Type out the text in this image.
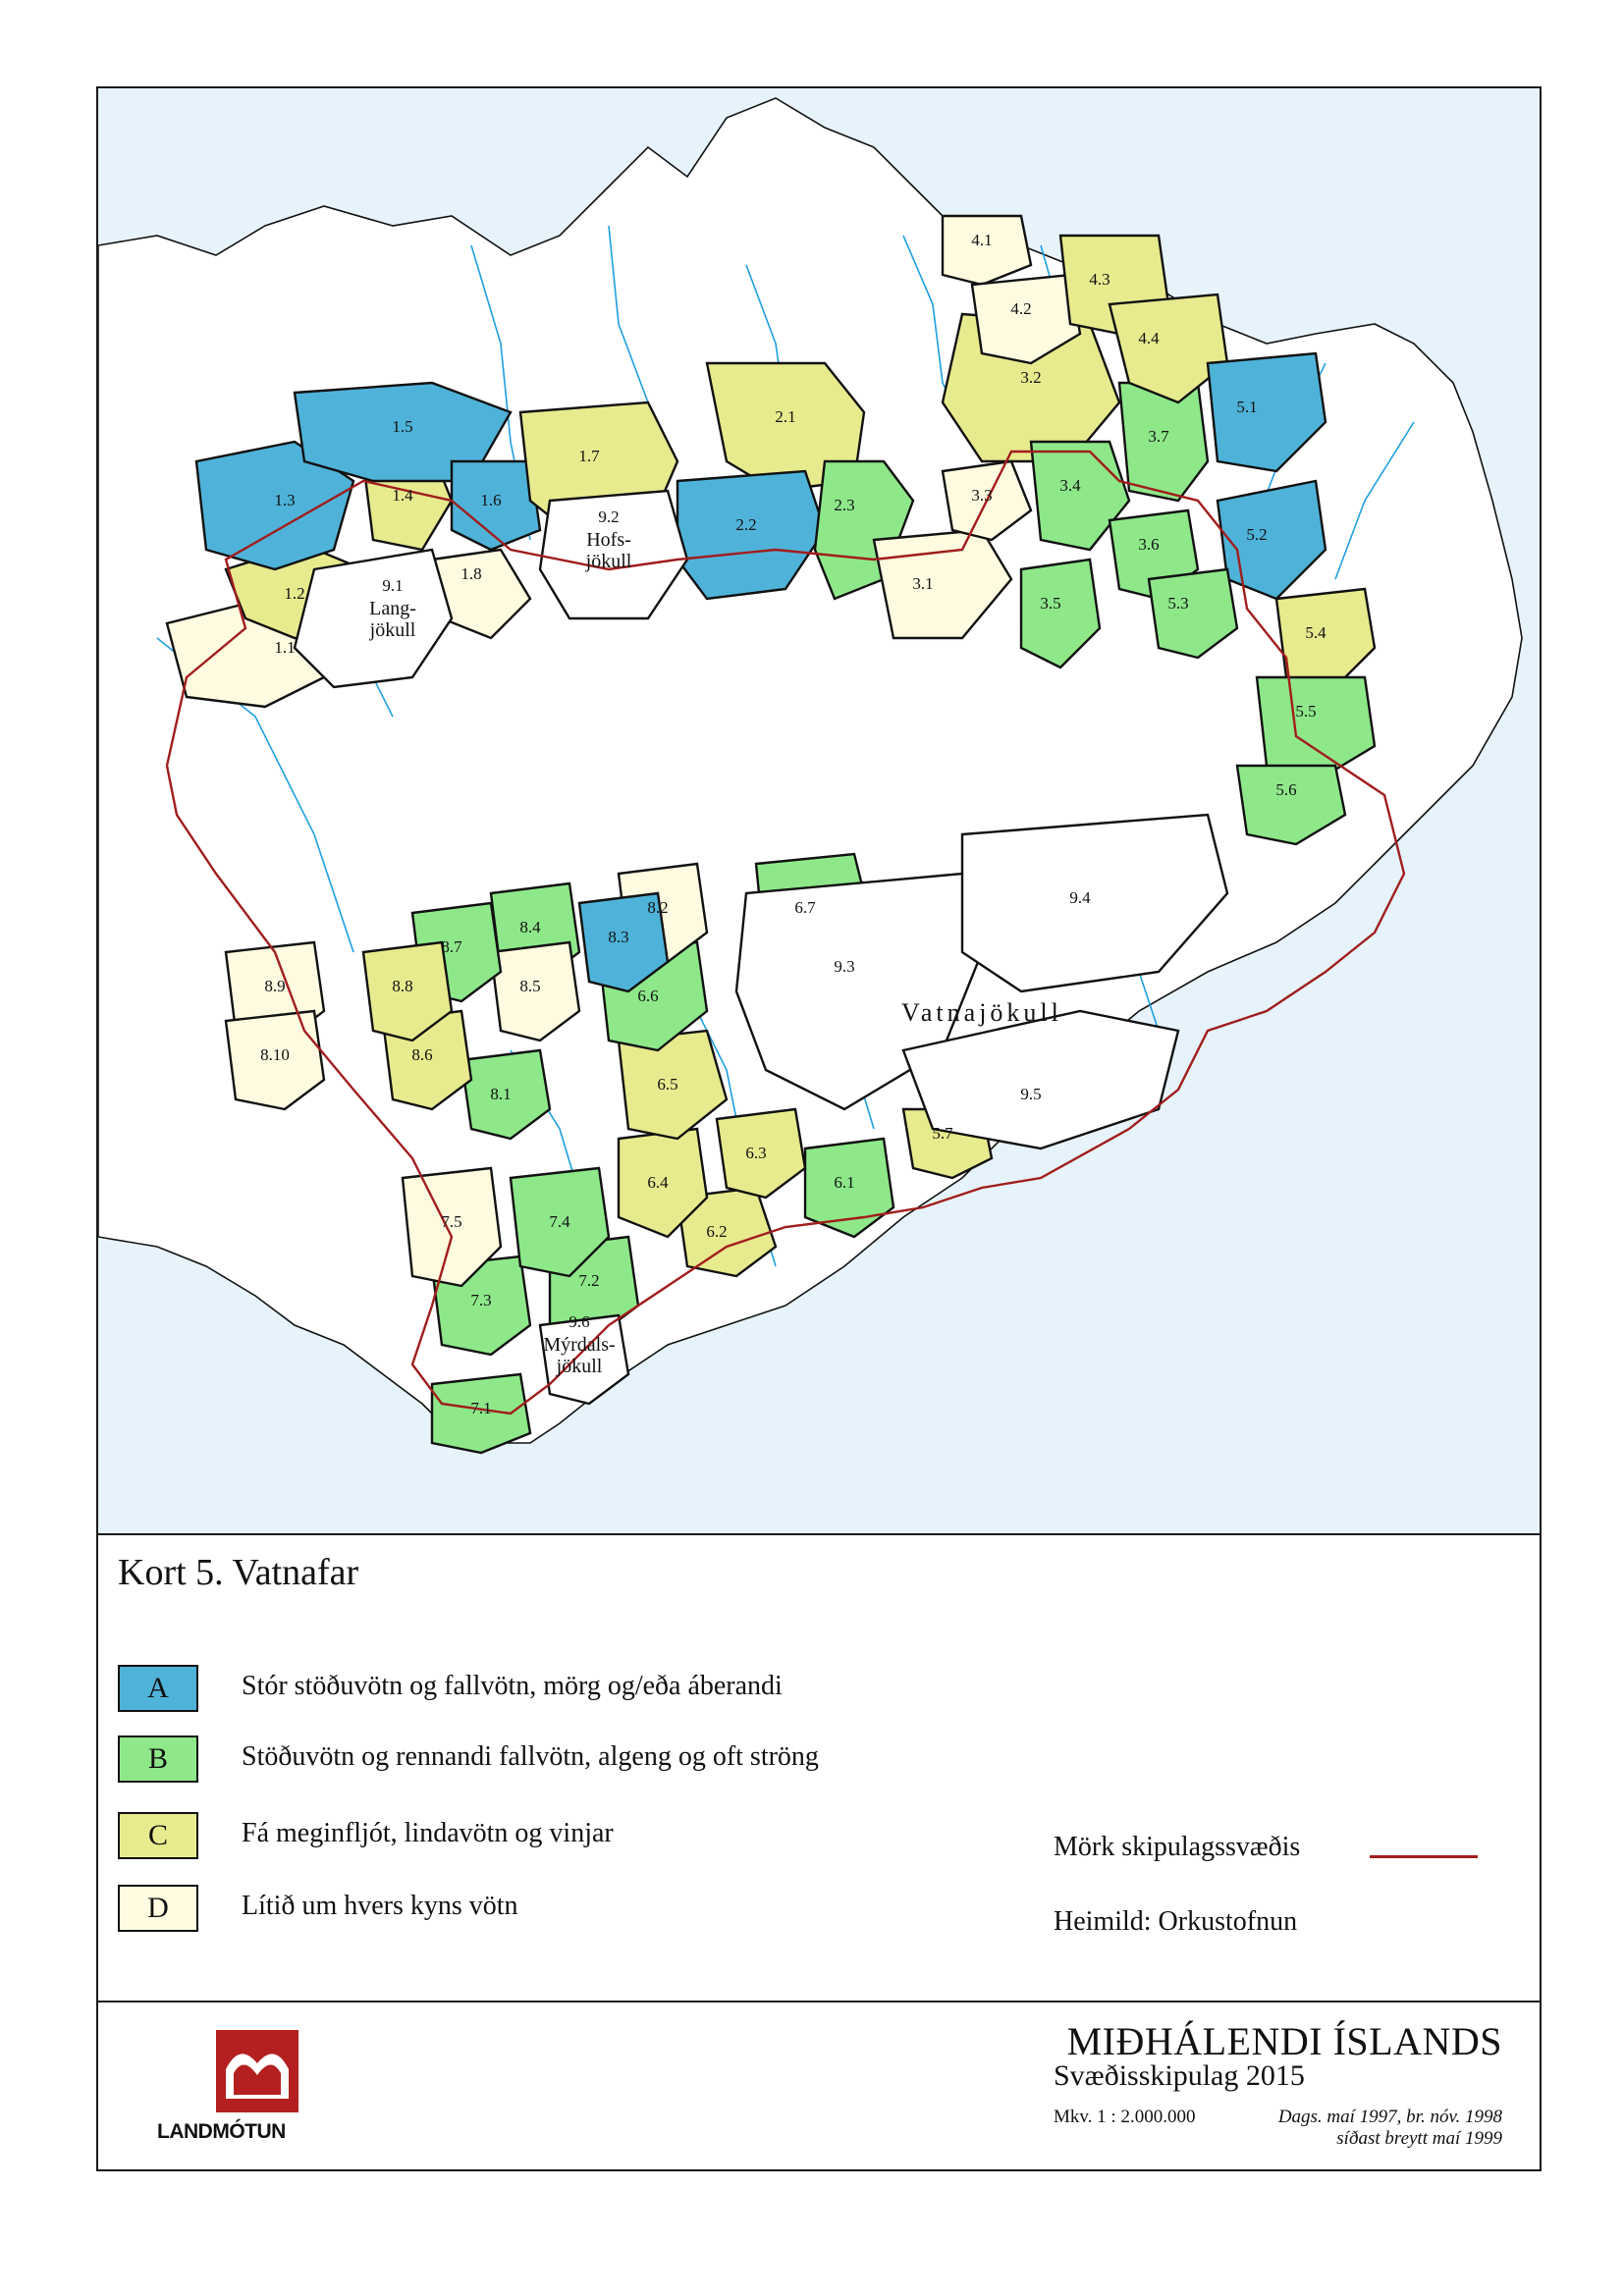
1.1
1.2
1.3	1.4
1.5
1.6
1.7
1.8
2.1
2.2
2.3
3.1
3.2
3.3
3.4
3.5
3.6
3.7
4.1
4.2
4.3
4.4
5.1
5.2
5.3
5.4
5.5
5.6
5.7
6.1
6.2
6.3
6.4
6.5
6.6
6.7
7.1
7.2
7.3
7.4
7.5
8.1
8.2
8.3
8.4
8.5
8.6
8.7
8.8
8.9
8.10
9.1
Lang-
jökull
9.2
Hofs-
jökull
9.3
9.4
9.5
9.6
Mýrdals-
jökull
Vatnajökull
Kort 5. Vatnafar
A	Stór stöðuvötn og fallvötn, mörg og/eða áberandi
B	Stöðuvötn og rennandi fallvötn, algeng og oft ströng
C	Fá meginfljót, lindavötn og vinjar
D	Lítið um hvers kyns vötn
Mörk skipulagssvæðis
Heimild: Orkustofnun
LANDMÓTUN
MIÐHÁLENDI ÍSLANDS
Svæðisskipulag 2015
Mkv. 1 : 2.000.000	Dags. maí 1997, br. nóv. 1998
síðast breytt maí 1999
